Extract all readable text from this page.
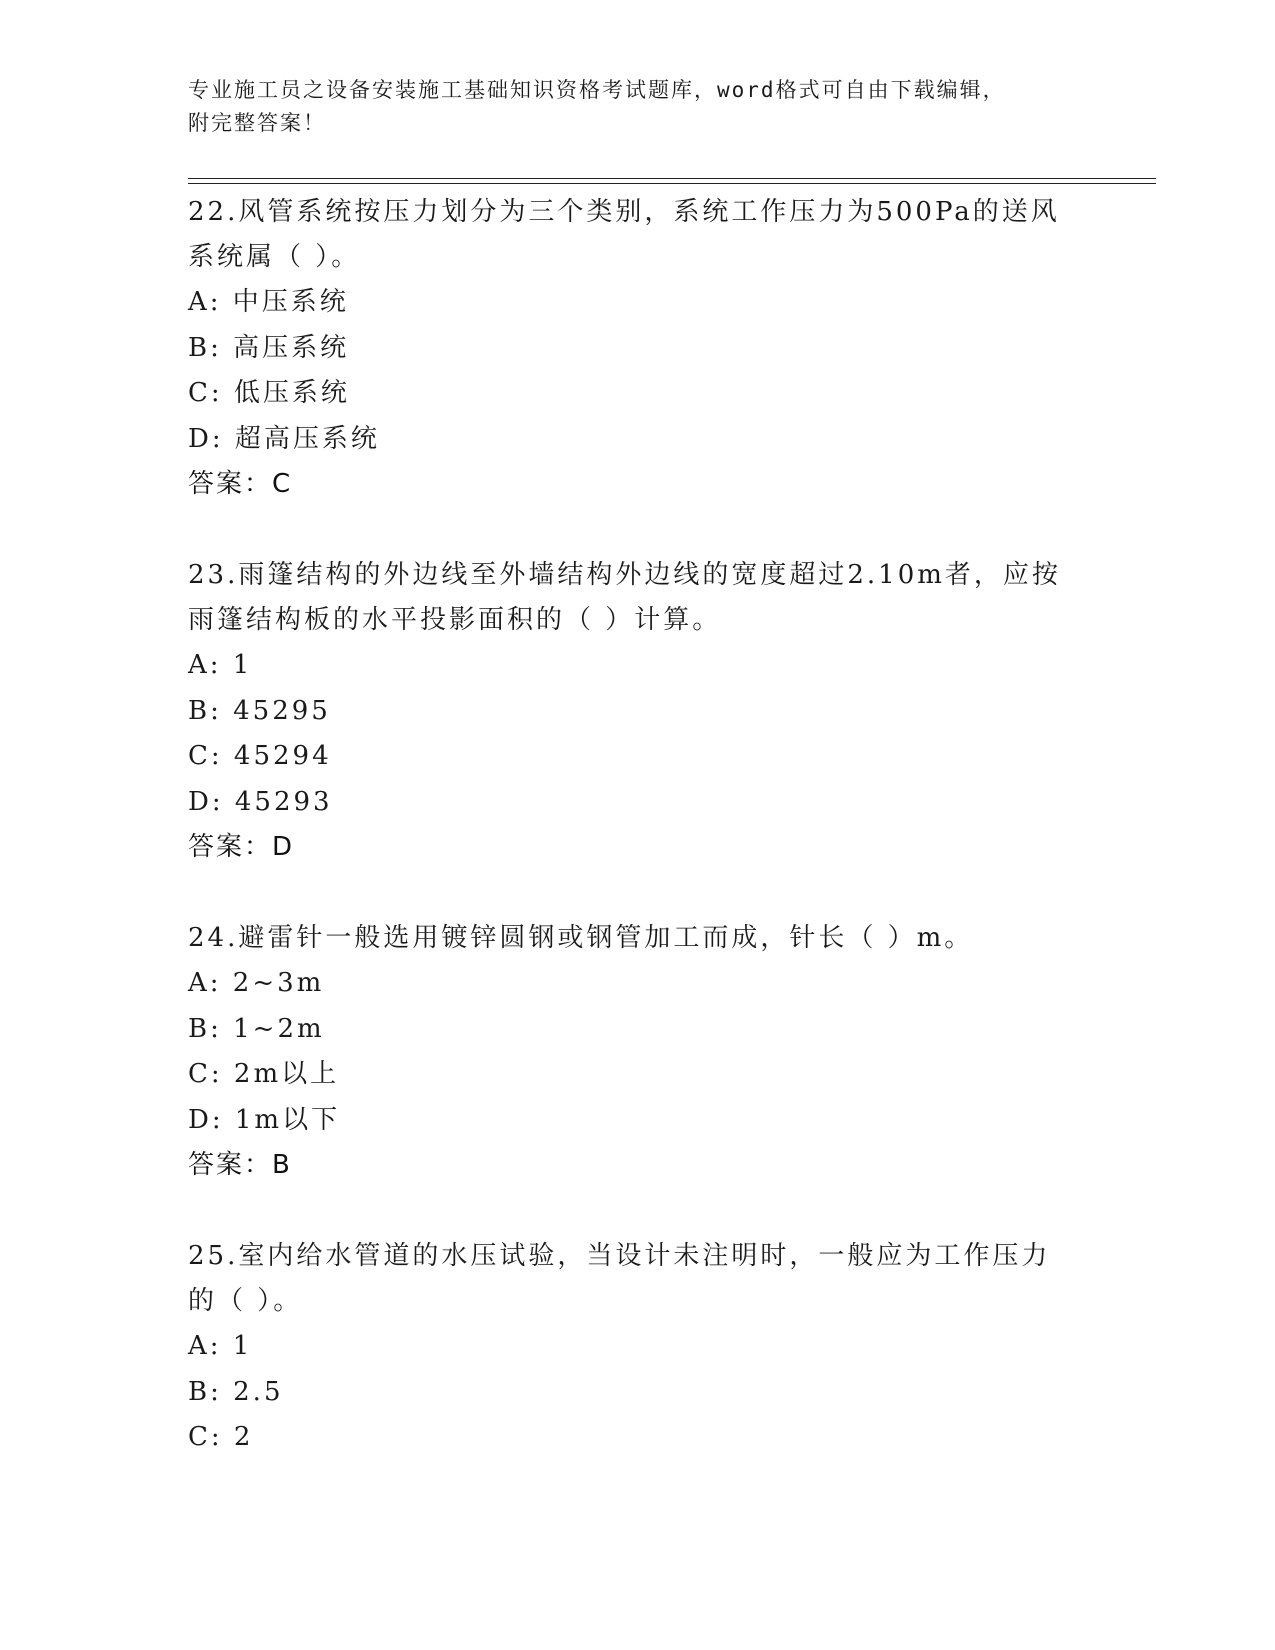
专业施工员之设备安装施工基础知识资格考试题库，word格式可自由下载编辑，
附完整答案！
22.风管系统按压力划分为三个类别，系统工作压力为500Pa的送风系统属（ ）。
A: 中压系统
B: 高压系统
C: 低压系统
D: 超高压系统
答案：C
23.雨篷结构的外边线至外墙结构外边线的宽度超过2.10m者，应按雨篷结构板的水平投影面积的（ ）计算。
A: 1
B: 45295
C: 45294
D: 45293
答案：D
24.避雷针一般选用镀锌圆钢或钢管加工而成，针长（ ）m。
A: 2~3m
B: 1~2m
C: 2m以上
D: 1m以下
答案：B
25.室内给水管道的水压试验，当设计未注明时，一般应为工作压力的（ ）。
A: 1
B: 2.5
C: 2
